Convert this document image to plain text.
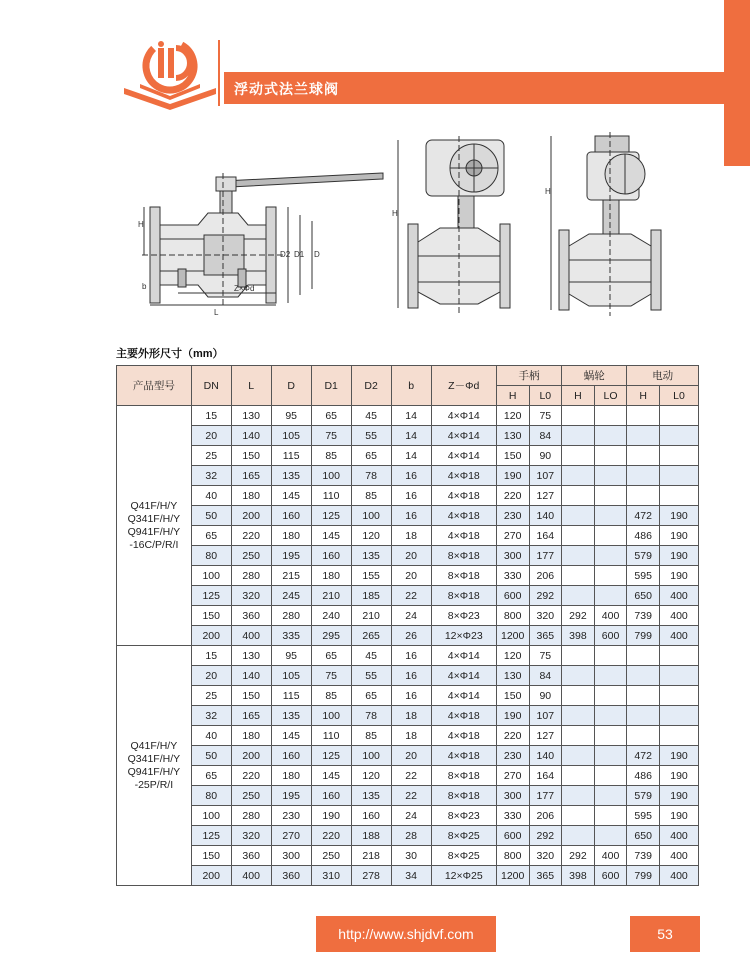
浮动式法兰球阀
H
L
Z×Φd
D2 D1 D
b
H
H
主要外形尺寸（mm）
产品型号	DN	L	D	D1	D2	b	Z－Φd	手柄		蜗轮		电动	
								H	L0	H	LO	H	L0
Q41F/H/Y
Q341F/H/Y
Q941F/H/Y
-16C/P/R/I	15	130	95	65	45	14	4×Φ14	120	75				
	20	140	105	75	55	14	4×Φ14	130	84				
	25	150	115	85	65	14	4×Φ14	150	90				
	32	165	135	100	78	16	4×Φ18	190	107				
	40	180	145	110	85	16	4×Φ18	220	127				
	50	200	160	125	100	16	4×Φ18	230	140			472	190
	65	220	180	145	120	18	4×Φ18	270	164			486	190
	80	250	195	160	135	20	8×Φ18	300	177			579	190
	100	280	215	180	155	20	8×Φ18	330	206			595	190
	125	320	245	210	185	22	8×Φ18	600	292			650	400
	150	360	280	240	210	24	8×Φ23	800	320	292	400	739	400
	200	400	335	295	265	26	12×Φ23	1200	365	398	600	799	400
Q41F/H/Y
Q341F/H/Y
Q941F/H/Y
-25P/R/I	15	130	95	65	45	16	4×Φ14	120	75				
	20	140	105	75	55	16	4×Φ14	130	84				
	25	150	115	85	65	16	4×Φ14	150	90				
	32	165	135	100	78	18	4×Φ18	190	107				
	40	180	145	110	85	18	4×Φ18	220	127				
	50	200	160	125	100	20	4×Φ18	230	140			472	190
	65	220	180	145	120	22	8×Φ18	270	164			486	190
	80	250	195	160	135	22	8×Φ18	300	177			579	190
	100	280	230	190	160	24	8×Φ23	330	206			595	190
	125	320	270	220	188	28	8×Φ25	600	292			650	400
	150	360	300	250	218	30	8×Φ25	800	320	292	400	739	400
	200	400	360	310	278	34	12×Φ25	1200	365	398	600	799	400
http://www.shjdvf.com	53
